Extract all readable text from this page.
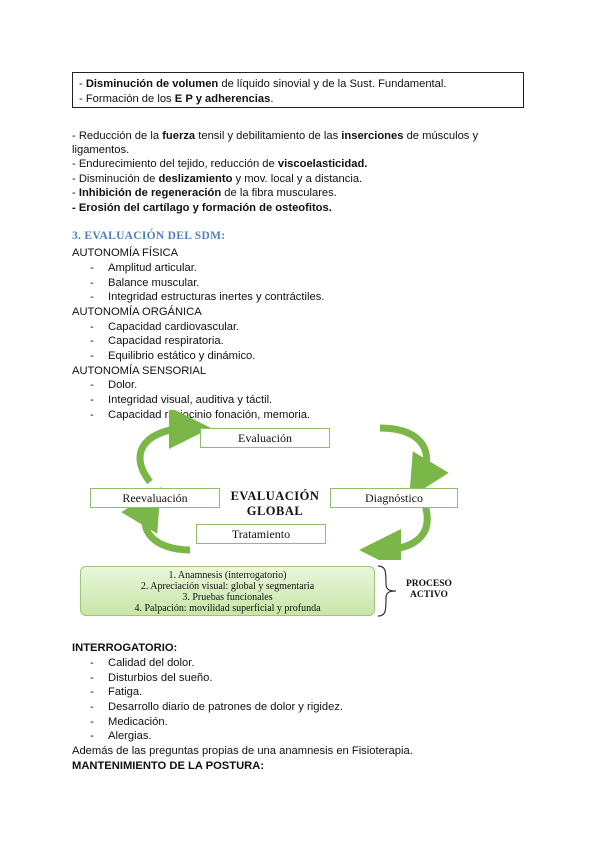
- Disminución de volumen de líquido sinovial y de la Sust. Fundamental.
- Formación de los E P y adherencias.
- Reducción de la fuerza tensil y debilitamiento de las inserciones de músculos y
ligamentos.
- Endurecimiento del tejido, reducción de viscoelasticidad.
- Disminución de deslizamiento y mov. local y a distancia.
- Inhibición de regeneración de la fibra musculares.
- Erosión del cartílago y formación de osteofitos.
3. EVALUACIÓN DEL SDM:
AUTONOMÍA FÍSICA
- Amplitud articular.
- Balance muscular.
- Integridad estructuras inertes y contráctiles.
AUTONOMÍA ORGÁNICA
- Capacidad cardiovascular.
- Capacidad respiratoria.
- Equilibrio estático y dinámico.
AUTONOMÍA SENSORIAL
- Dolor.
- Integridad visual, auditiva y táctil.
- Capacidad raciocinio fonación, memoria.
Evaluación
Reevaluación	EVALUACIÓN
GLOBAL
Diagnóstico
Tratamiento
1. Anamnesis (interrogatorio)
2. Apreciación visual: global y segmentaria
3. Pruebas funcionales
4. Palpación: movilidad superficial y profunda
PROCESO
ACTIVO
INTERROGATORIO:
- Calidad del dolor.
- Disturbios del sueño.
- Fatiga.
- Desarrollo diario de patrones de dolor y rigidez.
- Medicación.
- Alergias.
Además de las preguntas propias de una anamnesis en Fisioterapia.
MANTENIMIENTO DE LA POSTURA:
